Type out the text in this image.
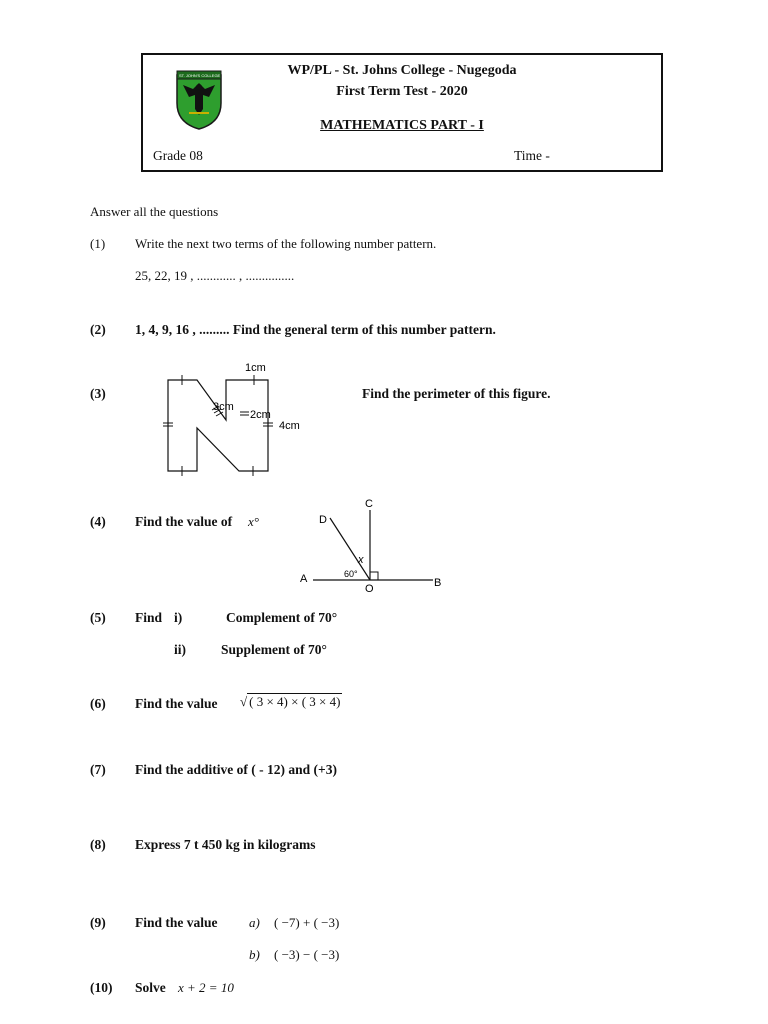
ST. JOHN'S COLLEGE	WP/PL - St. Johns College - Nugegoda
First Term Test - 2020
MATHEMATICS PART - I
Grade 08	Time -
Answer all the questions
(1) Write the next two terms of the following number pattern.
25, 22, 19 , ............ , ...............
(2) 1, 4, 9, 16 , ......... Find the general term of this number pattern.
(3)
1cm
3cm
2cm
4cm
Find the perimeter of this figure.
(4) Find the value of x°
C
D
A	B
O
x
60°
(5) Find i)	Complement of 70°
ii)	Supplement of 70°
(6) Find the value √ ( 3 × 4) × ( 3 × 4)
(7) Find the additive of ( - 12) and (+3)
(8) Express 7 t 450 kg in kilograms
(9) Find the value a) ( −7) + ( −3)
b) ( −3) − ( −3)
(10) Solve x + 2 = 10
